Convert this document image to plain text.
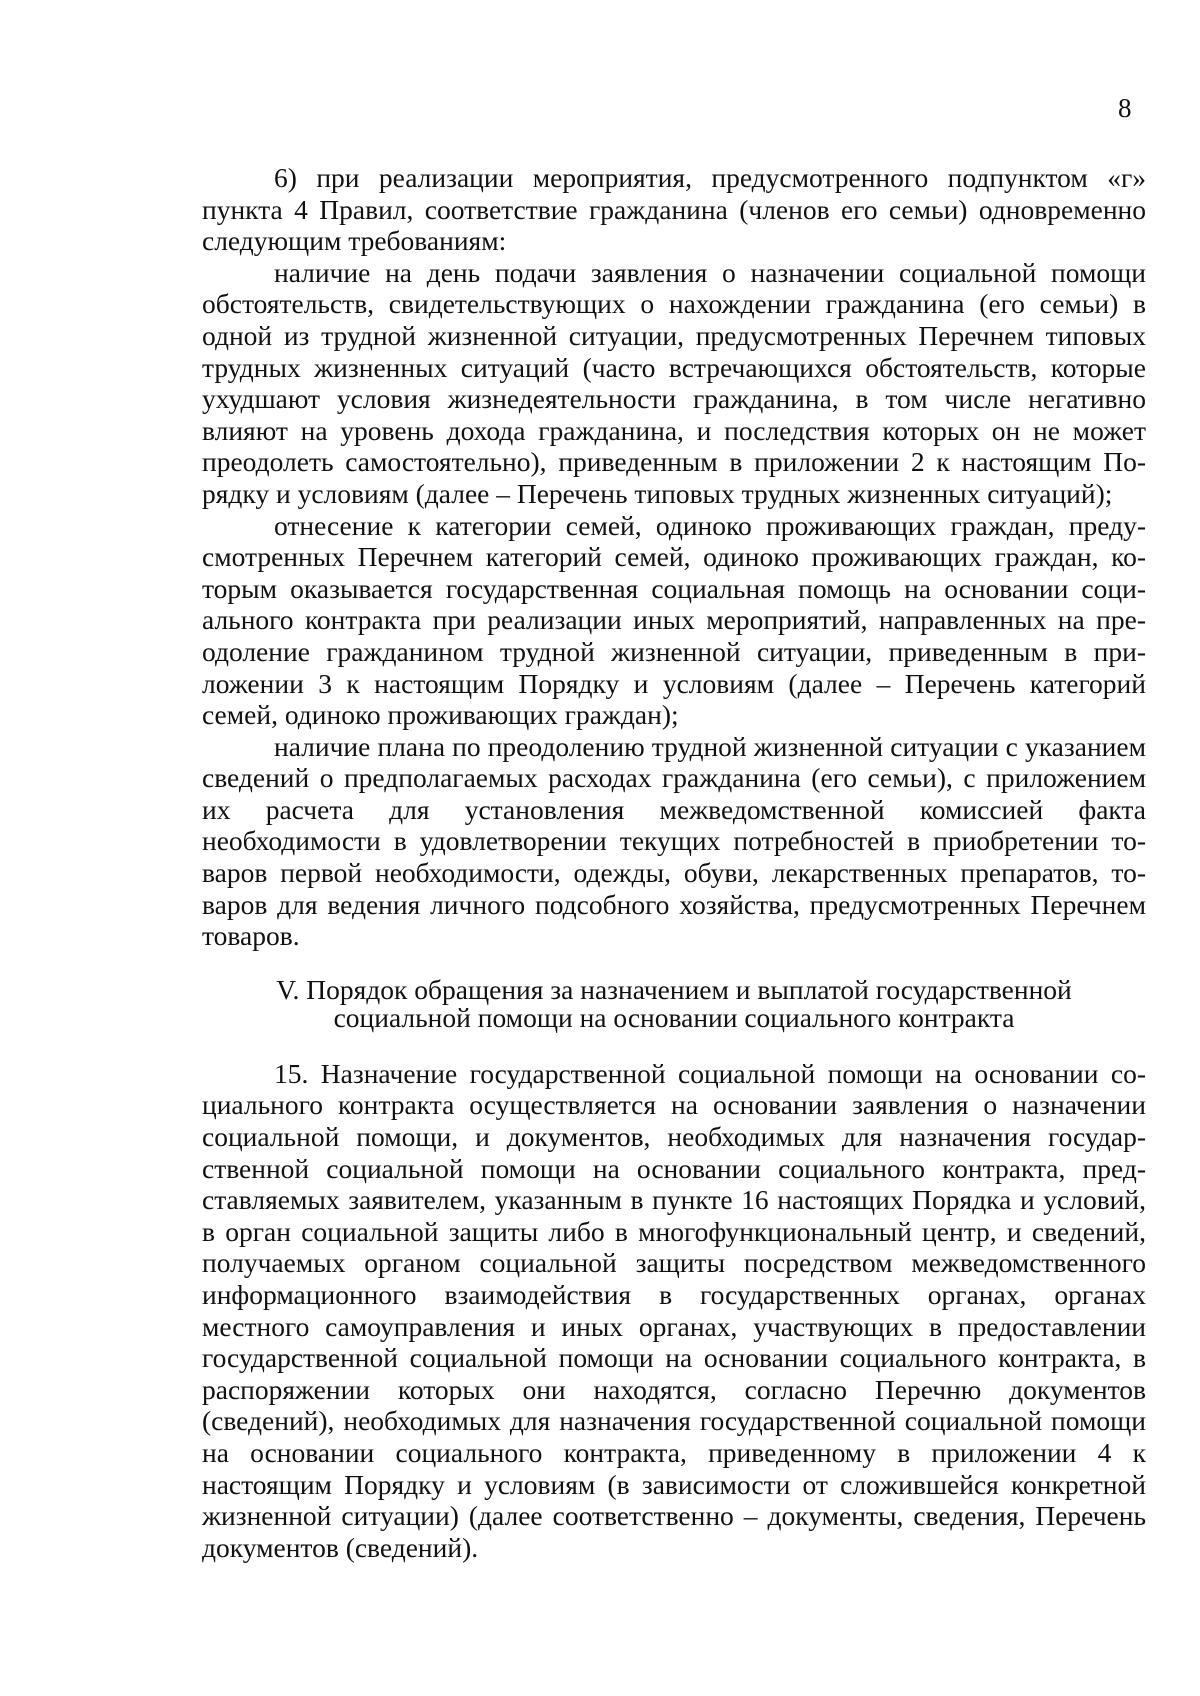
8

6) при реализации мероприятия, предусмотренного подпунктом «г» пункта 4 Правил, соответствие гражданина (членов его семьи) одновременно следующим требованиям:

наличие на день подачи заявления о назначении социальной помощи обстоятельств, свидетельствующих о нахождении гражданина (его семьи) в одной из трудной жизненной ситуации, предусмотренных Перечнем типовых трудных жизненных ситуаций (часто встречающихся обстоятельств, которые ухудшают условия жизнедеятельности гражданина, в том числе негативно влияют на уровень дохода гражданина, и последствия которых он не может преодолеть самостоятельно), приведенным в приложении 2 к настоящим Порядку и условиям (далее – Перечень типовых трудных жизненных ситуаций);

отнесение к категории семей, одиноко проживающих граждан, предусмотренных Перечнем категорий семей, одиноко проживающих граждан, которым оказывается государственная социальная помощь на основании социального контракта при реализации иных мероприятий, направленных на преодоление гражданином трудной жизненной ситуации, приведенным в приложении 3 к настоящим Порядку и условиям (далее – Перечень категорий семей, одиноко проживающих граждан);

наличие плана по преодолению трудной жизненной ситуации с указанием сведений о предполагаемых расходах гражданина (его семьи), с приложением их расчета для установления межведомственной комиссией факта необходимости в удовлетворении текущих потребностей в приобретении товаров первой необходимости, одежды, обуви, лекарственных препаратов, товаров для ведения личного подсобного хозяйства, предусмотренных Перечнем товаров.

V. Порядок обращения за назначением и выплатой государственной
социальной помощи на основании социального контракта

15. Назначение государственной социальной помощи на основании социального контракта осуществляется на основании заявления о назначении социальной помощи, и документов, необходимых для назначения государственной социальной помощи на основании социального контракта, представляемых заявителем, указанным в пункте 16 настоящих Порядка и условий, в орган социальной защиты либо в многофункциональный центр, и сведений, получаемых органом социальной защиты посредством межведомственного информационного взаимодействия в государственных органах, органах местного самоуправления и иных органах, участвующих в предоставлении государственной социальной помощи на основании социального контракта, в распоряжении которых они находятся, согласно Перечню документов (сведений), необходимых для назначения государственной социальной помощи на основании социального контракта, приведенному в приложении 4 к настоящим Порядку и условиям (в зависимости от сложившейся конкретной жизненной ситуации) (далее соответственно – документы, сведения, Перечень документов (сведений).
